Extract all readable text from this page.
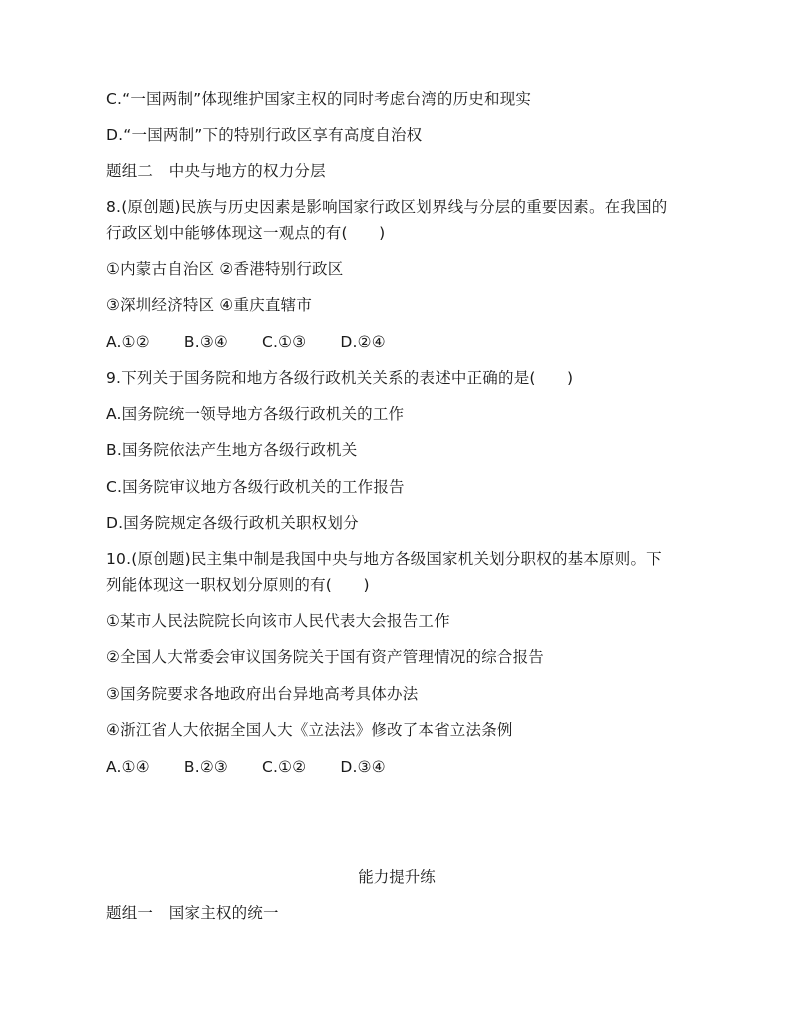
C.“一国两制”体现维护国家主权的同时考虑台湾的历史和现实
D.“一国两制”下的特别行政区享有高度自治权
题组二　中央与地方的权力分层
8.(原创题)民族与历史因素是影响国家行政区划界线与分层的重要因素。在我国的
行政区划中能够体现这一观点的有(　　)
①内蒙古自治区 ②香港特别行政区
③深圳经济特区 ④重庆直辖市
A.①② B.③④ C.①③ D.②④
9.下列关于国务院和地方各级行政机关关系的表述中正确的是(　　)
A.国务院统一领导地方各级行政机关的工作
B.国务院依法产生地方各级行政机关
C.国务院审议地方各级行政机关的工作报告
D.国务院规定各级行政机关职权划分
10.(原创题)民主集中制是我国中央与地方各级国家机关划分职权的基本原则。下
列能体现这一职权划分原则的有(　　)
①某市人民法院院长向该市人民代表大会报告工作
②全国人大常委会审议国务院关于国有资产管理情况的综合报告
③国务院要求各地政府出台异地高考具体办法
④浙江省人大依据全国人大《立法法》修改了本省立法条例
A.①④ B.②③ C.①② D.③④
能力提升练
题组一　国家主权的统一
